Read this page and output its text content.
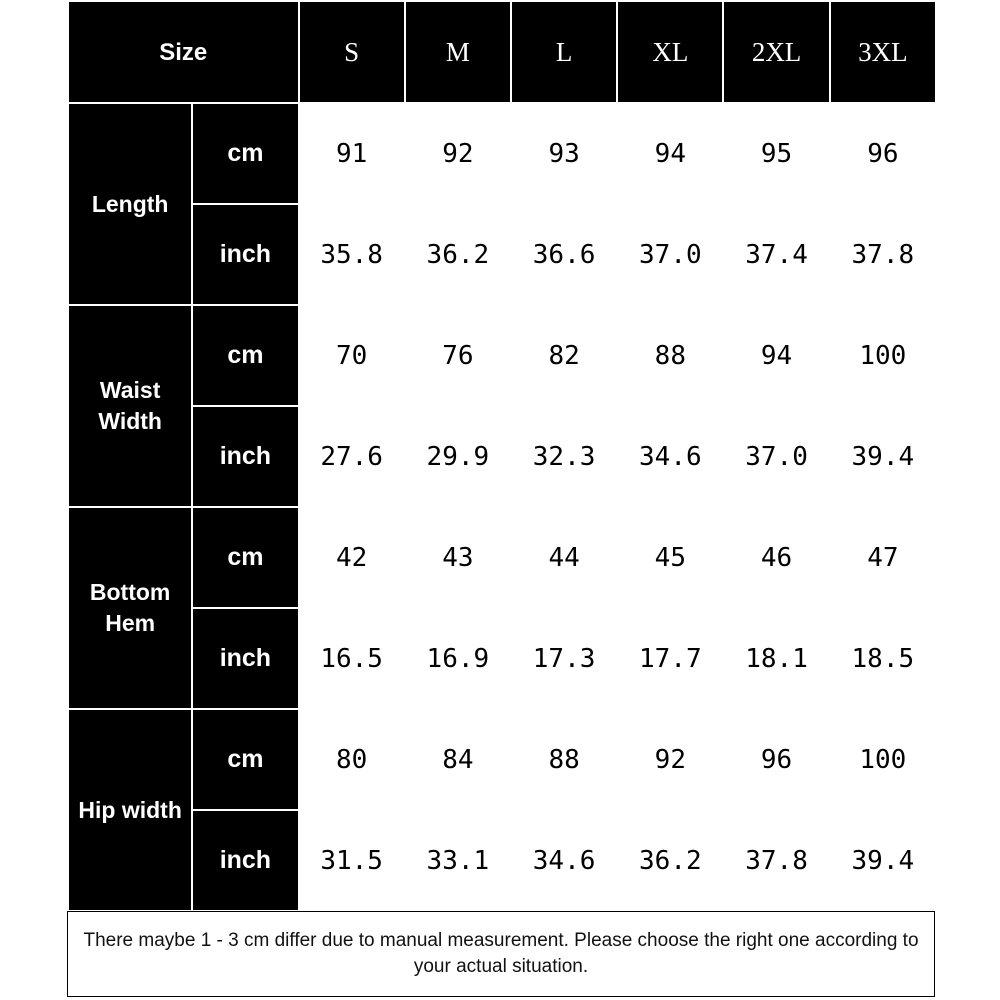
Size		S	M	L	XL	2XL	3XL
Length	cm	91	92	93	94	95	96
	inch	35.8	36.2	36.6	37.0	37.4	37.8
Waist Width	cm	70	76	82	88	94	100
	inch	27.6	29.9	32.3	34.6	37.0	39.4
Bottom Hem	cm	42	43	44	45	46	47
	inch	16.5	16.9	17.3	17.7	18.1	18.5
Hip width	cm	80	84	88	92	96	100
	inch	31.5	33.1	34.6	36.2	37.8	39.4
There maybe 1 - 3 cm differ due to manual measurement. Please choose the right one according to your actual situation.
